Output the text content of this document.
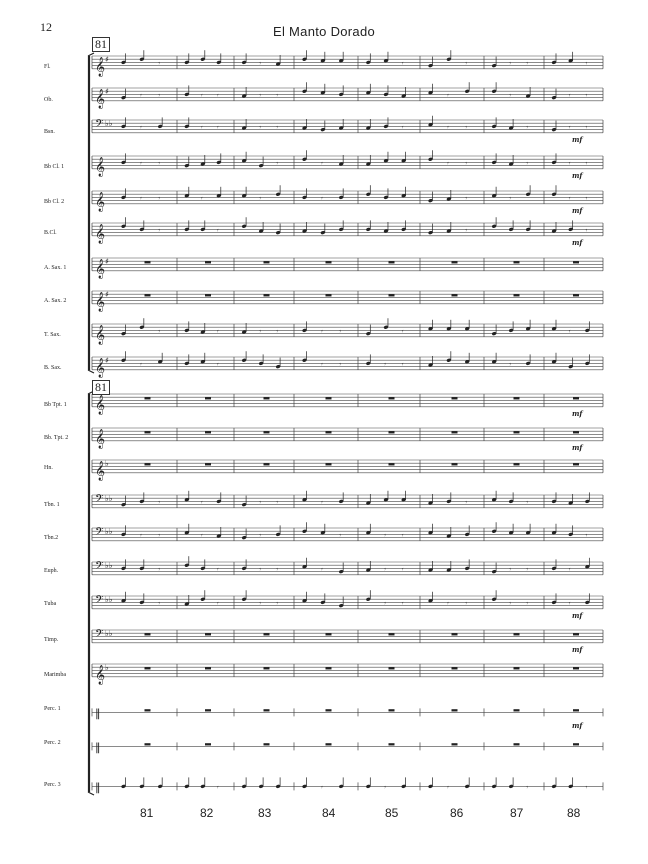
𝄞 ♯	𝄾	𝄾	𝄾	𝄾	𝄾 𝄾	𝄾
𝄞 ♯	𝄾 𝄾	𝄾 𝄾	𝄾 𝄾	𝄾	𝄾	𝄾 𝄾
𝄢 ♭♭	𝄾	𝄾 𝄾	𝄾 𝄾	𝄾	𝄾 𝄾	𝄾	𝄾 𝄾
𝄞	𝄾 𝄾	𝄾	𝄾	𝄾 𝄾	𝄾	𝄾 𝄾
𝄞	𝄾 𝄾	𝄾	𝄾	𝄾	𝄾	𝄾	𝄾 𝄾
𝄞	𝄾	𝄾	𝄾	𝄾
𝄞 ♯
𝄞 ♯
𝄞	𝄾	𝄾	𝄾 𝄾	𝄾 𝄾	𝄾	𝄾
𝄞 ♯	𝄾	𝄾	𝄾 𝄾	𝄾 𝄾	𝄾
𝄞
𝄞
𝄞 ♭
𝄢 ♭♭	𝄾	𝄾	𝄾 𝄾	𝄾	𝄾	𝄾
𝄢 ♭♭	𝄾 𝄾	𝄾	𝄾	𝄾	𝄾 𝄾	𝄾
𝄢 ♭♭	𝄾	𝄾	𝄾 𝄾	𝄾	𝄾 𝄾	𝄾 𝄾	𝄾
𝄢 ♭♭	𝄾	𝄾	𝄾 𝄾	𝄾 𝄾	𝄾 𝄾	𝄾 𝄾	𝄾
𝄢 ♭♭
𝄞 ♭
‖
‖
‖	𝄾	𝄾	𝄾	𝄾	𝄾	𝄾
mf
mf
mf
mf
mf
mf
mf
mf
mf
12	El Manto Dorado
81
81
Fl.
Ob.
Bsn.
Bb Cl. 1
Bb Cl. 2
B.Cl.
A. Sax. 1
A. Sax. 2
T. Sax.
B. Sax.
Bb Tpt. 1
Bb. Tpt. 2
Hn.
Tbn. 1
Tbn.2
Euph.
Tuba
Timp.
Marimba
Perc. 1
Perc. 2
Perc. 3
81	82	83	84	85	86	87	88
